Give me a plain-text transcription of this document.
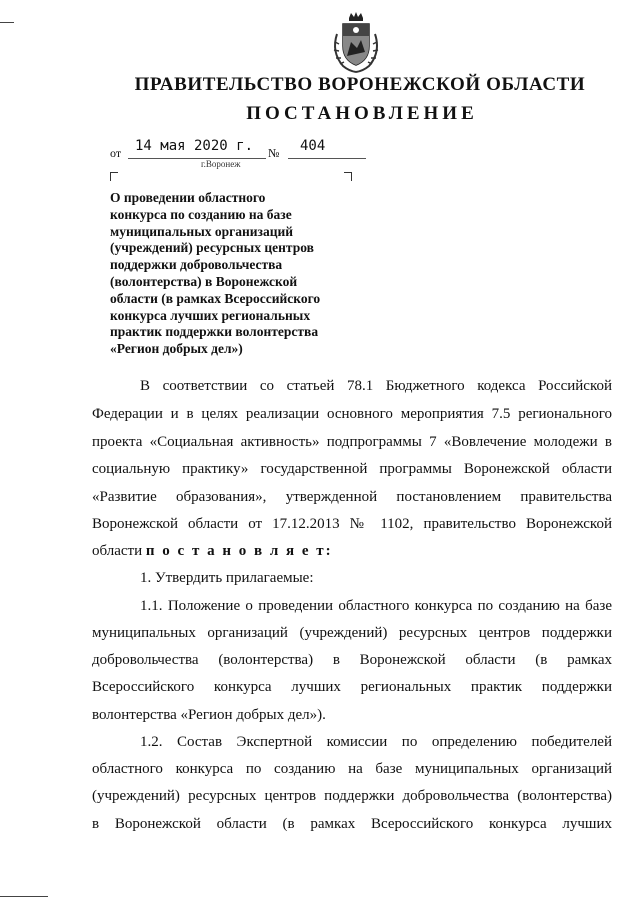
ПРАВИТЕЛЬСТВО ВОРОНЕЖСКОЙ ОБЛАСТИ
ПОСТАНОВЛЕНИЕ
от 14 мая 2020 г. № 404
г.Воронеж
О проведении областного
конкурса по созданию на базе
муниципальных организаций
(учреждений) ресурсных центров
поддержки добровольчества
(волонтерства) в Воронежской
области (в рамках Всероссийского
конкурса лучших региональных
практик поддержки волонтерства
«Регион добрых дел»)
В соответствии со статьей 78.1 Бюджетного кодекса Российской
Федерации и в целях реализации основного мероприятия 7.5 регионального
проекта «Социальная активность» подпрограммы 7 «Вовлечение молодежи в
социальную практику» государственной программы Воронежской области
«Развитие образования», утвержденной постановлением правительства
Воронежской области от 17.12.2013 № 1102, правительство Воронежской
области п о с т а н о в л я е т:
1. Утвердить прилагаемые:
1.1. Положение о проведении областного конкурса по созданию на базе
муниципальных организаций (учреждений) ресурсных центров поддержки
добровольчества (волонтерства) в Воронежской области (в рамках
Всероссийского конкурса лучших региональных практик поддержки
волонтерства «Регион добрых дел»).
1.2. Состав Экспертной комиссии по определению победителей
областного конкурса по созданию на базе муниципальных организаций
(учреждений) ресурсных центров поддержки добровольчества (волонтерства)
в Воронежской области (в рамках Всероссийского конкурса лучших
